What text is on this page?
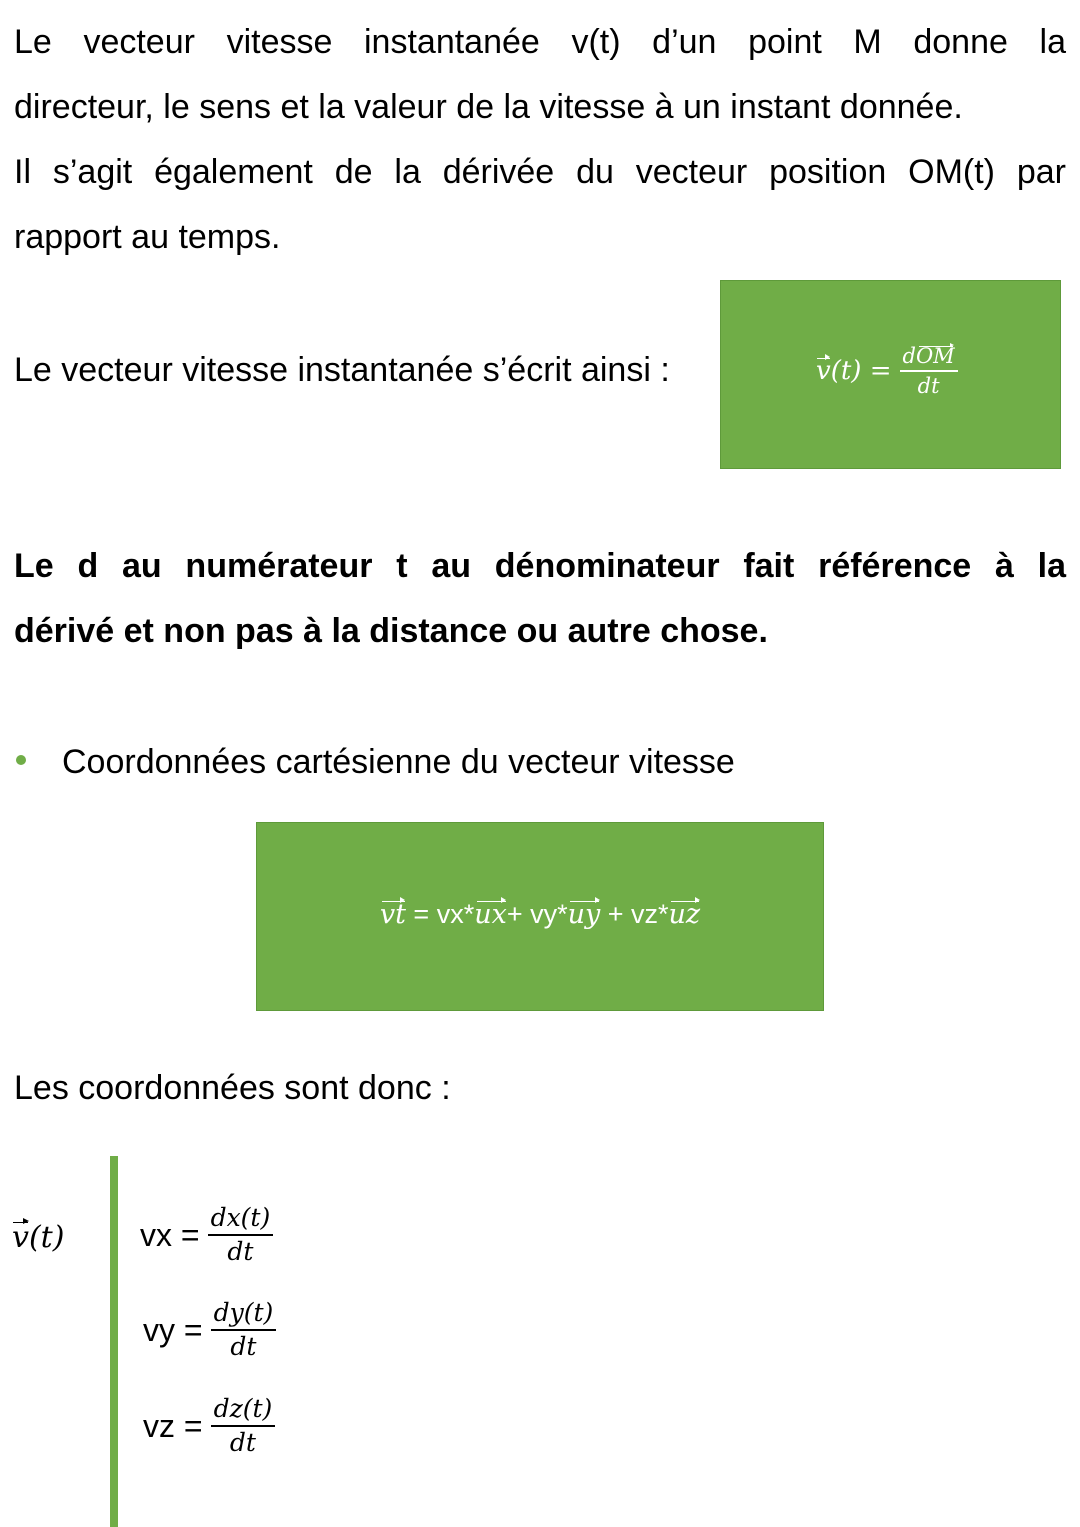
Le vecteur vitesse instantanée v(t) d’un point M donne la
directeur, le sens et la valeur de la vitesse à un instant donnée.
Il s’agit également de la dérivée du vecteur position OM(t) par
rapport au temps.
Le vecteur vitesse instantanée s’écrit ainsi :	$v(t) = \frac{\text{dOM}}{dt}$
Le d au numérateur t au dénominateur fait référence à la
dérivé et non pas à la distance ou autre chose.
Coordonnées cartésienne du vecteur vitesse
vt = vx*ux+ vy*uy + vz*uz
Les coordonnées sont donc :
v(t) vx = $\frac{dx(t)}{dt}$
vy = $\frac{dy(t)}{dt}$
vz = $\frac{dz(t)}{dt}$
